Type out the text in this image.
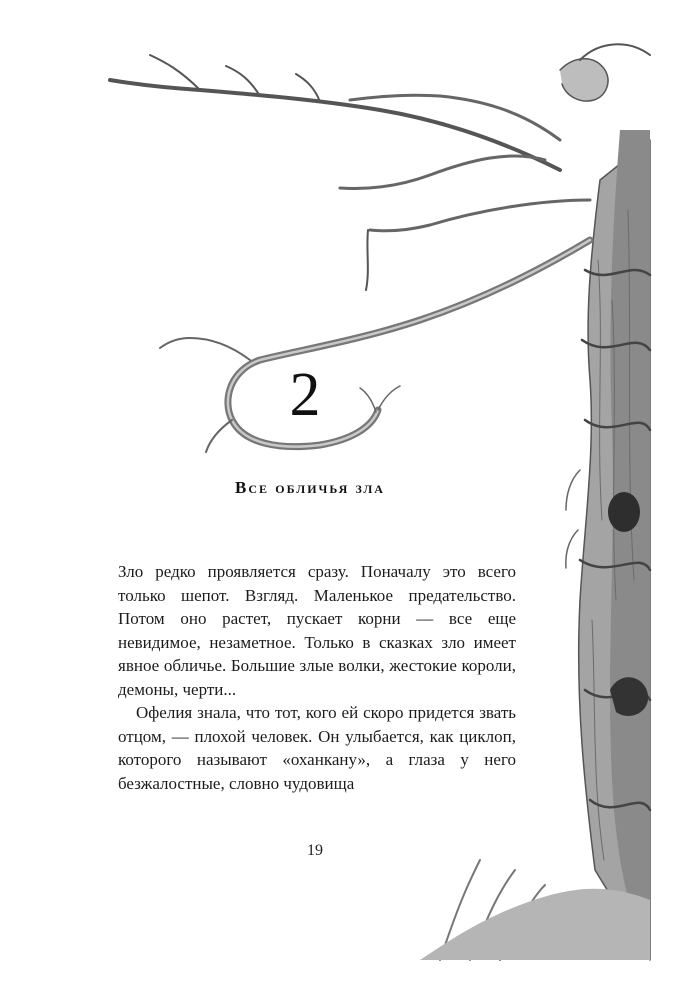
2
Все обличья зла

Зло редко проявляется сразу. Поначалу это всего только шепот. Взгляд. Маленькое предательство. Потом оно растет, пускает корни — все еще невидимое, незаметное. Только в сказках зло имеет явное обличье. Большие злые волки, жестокие короли, демоны, черти...

Офелия знала, что тот, кого ей скоро придется звать отцом, — плохой человек. Он улыбается, как циклоп, которого называют «оханкану», а глаза у него безжалостные, словно чудовища

19
